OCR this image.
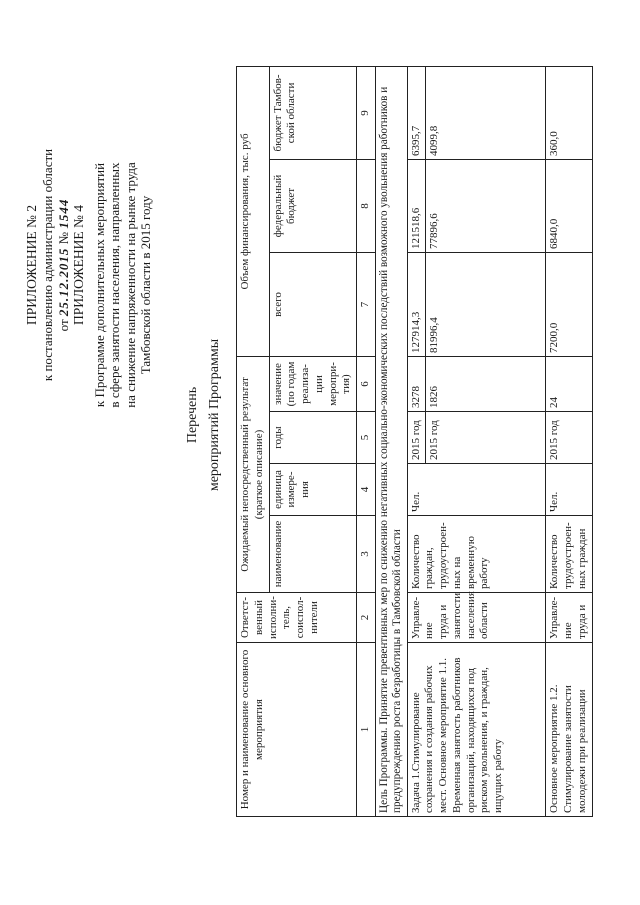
ПРИЛОЖЕНИЕ № 2 к постановлению администрации области от 25.12.2015 № 1544 ПРИЛОЖЕНИЕ № 4 к Программе дополнительных мероприятий в сфере занятости населения, направленных на снижение напряженности на рынке труда Тамбовской области в 2015 году
Перечень мероприятий Программы
Номер и наименование основного мероприятия	Ответст-венный исполни-тель, соиспол-нители	Ожидаемый непосредственный результат (краткое описание)				Объем финансирования, тыс. руб		
		наименование	единица измере-ния	годы	значение (по годам реализа-ции меропри-тия)	всего	федеральный бюджет	бюджет Тамбов-ской области
1	2	3	4	5	6	7	8	9
Цель Программы. Принятие превентивных мер по снижению негативных социально-экономических последствий возможного увольнения работников и предупреждению роста безработицы в Тамбовской области								
Задача 1.Стимулирование сохранения и создания рабочих мест. Основное мероприятие 1.1. Временная занятость работников организаций, находящихся под риском увольнения, и граждан, ищущих работу	Управле-ние труда и занятости населения области	Количество граждан, трудоустроен-ных на временную работу	Чел.	2015 год	3278	127914,3	121518,6	6395,7
				2015 год	1826	81996,4	77896,6	4099,8
Основное мероприятие 1.2. Стимулирование занятости молодежи при реализации	Управле-ние труда и	Количество трудоустроен-ных граждан	Чел.	2015 год	24	7200,0	6840,0	360,0
